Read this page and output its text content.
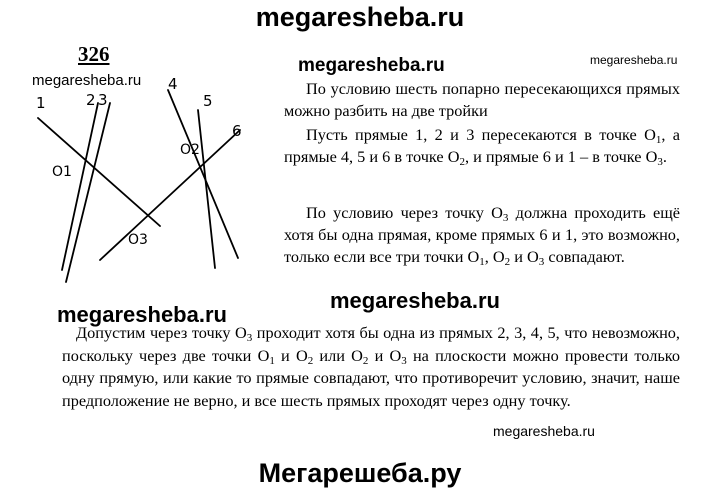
megaresheba.ru
326
1	2 3
4
5
6
O1
O2
O3
megaresheba.ru
megaresheba.ru	megaresheba.ru

По условию шесть попарно пересекающихся прямых можно разбить на две тройки

Пусть прямые 1, 2 и 3 пересекаются в точке $O_1$, а прямые 4, 5 и 6 в точке $O_2$, и прямые 6 и 1 – в точке $O_3$.

По условию через точку $O_3$ должна проходить ещё хотя бы одна прямая, кроме прямых 6 и 1, это возможно, только если все три точки $O_1$, $O_2$ и $O_3$ совпадают.

megaresheba.ru
megaresheba.ru

Допустим через точку $O_3$ проходит хотя бы одна из прямых 2, 3, 4, 5, что невозможно, поскольку через две точки $O_1$ и $O_2$ или $O_2$ и $O_3$ на плоскости можно провести только одну прямую, или какие то прямые совпадают, что противоречит условию, значит, наше предположение не верно, и все шесть прямых проходят через одну точку.

megaresheba.ru
Мегарешеба.ру
